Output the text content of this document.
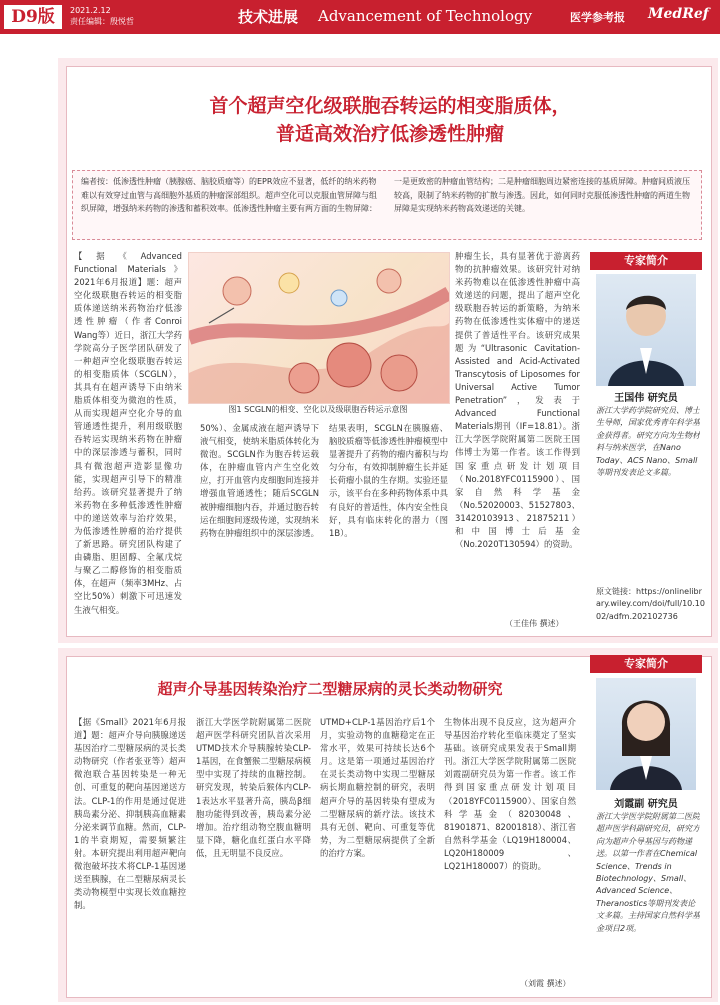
D9版	2021.2.12
责任编辑：殷悦哲	技术进展 Advancement of Technology	医学参考报 MedRef
首个超声空化级联胞吞转运的相变脂质体，
普适高效治疗低渗透性肿瘤
编者按：低渗透性肿瘤（胰腺癌、脑胶质瘤等）的EPR效应不显著，低纤的纳米药物难以有效穿过血管与高细胞外基质的肿瘤深部组织。超声空化可以克服血管屏障与组织屏障，增强纳米药物的渗透和蓄积效率。低渗透性肿瘤主要有两方面的生物屏障：一是更致密的肿瘤血管结构；二是肿瘤细胞周边紧密连接的基质屏障。肿瘤间质液压较高，限制了纳米药物的扩散与渗透。因此，如何同时克服低渗透性肿瘤的两道生物屏障是实现纳米药物高效递送的关键。
【据《Advanced Functional Materials》2021年6月报道】题：超声空化级联胞吞转运的相变脂质体递送纳米药物治疗低渗透性肿瘤（作者Conroi Wang等）近日，浙江大学药学院高分子医学团队研发了一种超声空化级联胞吞转运的相变脂质体（SCGLN），其具有在超声诱导下由纳米脂质体相变为微泡的性质，从而实现超声空化介导的血管通透性提升，利用级联胞吞转运实现纳米药物在肿瘤中的深层渗透与蓄积，同时具有微泡超声造影显像功能，实现超声引导下的精准给药。该研究显著提升了纳米药物在多种低渗透性肿瘤中的递送效率与治疗效果，为低渗透性肿瘤的治疗提供了新思路。研究团队构建了由磷脂、胆固醇、全氟戊烷与聚乙二醇修饰的相变脂质体，在超声（频率3MHz、占空比50%）刺激下可迅速发生液气相变。
图1 SCGLN的相变、空化以及级联胞吞转运示意图
50%）、金属成液在超声诱导下液气相变，使纳米脂质体转化为微泡。SCGLN作为胞吞转运载体，在肿瘤血管内产生空化效应，打开血管内皮细胞间连接并增强血管通透性；随后SCGLN被肿瘤细胞内吞，并通过胞吞转运在细胞间逐级传递，实现纳米药物在肿瘤组织中的深层渗透。结果表明，SCGLN在胰腺癌、脑胶质瘤等低渗透性肿瘤模型中显著提升了药物的瘤内蓄积与均匀分布，有效抑制肿瘤生长并延长荷瘤小鼠的生存期。实验还显示，该平台在多种药物体系中具有良好的普适性，体内安全性良好，具有临床转化的潜力（图1B）。
肿瘤生长，具有显著优于游离药物的抗肿瘤效果。该研究针对纳米药物难以在低渗透性肿瘤中高效递送的问题，提出了超声空化级联胞吞转运的新策略，为纳米药物在低渗透性实体瘤中的递送提供了普适性平台。该研究成果题为“Ultrasonic Cavitation-Assisted and Acid-Activated Transcytosis of Liposomes for Universal Active Tumor Penetration”，发表于Advanced Functional Materials期刊（IF=18.81）。浙江大学医学院附属第二医院王国伟博士为第一作者。该工作得到国家重点研发计划项目（No.2018YFC0115900）、国家自然科学基金（No.52020003、51527803、31420103913、21875211）和中国博士后基金（No.2020T130594）的资助。
（王佳伟 撰述）
专家简介
王国伟 研究员
浙江大学药学院研究员、博士生导师，国家优秀青年科学基金获得者。研究方向为生物材料与纳米医学，在Nano Today、ACS Nano、Small等期刊发表论文多篇。
原文链接：https://onlinelibrary.wiley.com/doi/full/10.1002/adfm.202102736
超声介导基因转染治疗二型糖尿病的灵长类动物研究
【据《Small》2021年6月报道】题：超声介导向胰腺递送基因治疗二型糖尿病的灵长类动物研究（作者张亚等）超声微泡联合基因转染是一种无创、可重复的靶向基因递送方法。CLP-1的作用是通过促进胰岛素分泌、抑制胰高血糖素分泌来调节血糖。然而，CLP-1的半衰期短，需要频繁注射。本研究提出利用超声靶向微泡破坏技术将CLP-1基因递送至胰腺，在二型糖尿病灵长类动物模型中实现长效血糖控制。
浙江大学医学院附属第二医院超声医学科研究团队首次采用UTMD技术介导胰腺转染CLP-1基因，在食蟹猴二型糖尿病模型中实现了持续的血糖控制。研究发现，转染后猴体内CLP-1表达水平显著升高，胰岛β细胞功能得到改善，胰岛素分泌增加。治疗组动物空腹血糖明显下降，糖化血红蛋白水平降低，且无明显不良反应。
UTMD+CLP-1基因治疗后1个月，实验动物的血糖稳定在正常水平，效果可持续长达6个月。这是第一项通过基因治疗在灵长类动物中实现二型糖尿病长期血糖控制的研究，表明超声介导的基因转染有望成为二型糖尿病的新疗法。该技术具有无创、靶向、可重复等优势，为二型糖尿病提供了全新的治疗方案。
生物体出现不良反应，这为超声介导基因治疗转化至临床奠定了坚实基础。该研究成果发表于Small期刊。浙江大学医学院附属第二医院刘霞副研究员为第一作者。该工作得到国家重点研发计划项目（2018YFC0115900）、国家自然科学基金（82030048、81901871、82001818）、浙江省自然科学基金（LQ19H180004、LQ20H180009、LQ21H180007）的资助。
（刘霞 撰述）
专家简介
刘霞副 研究员
浙江大学医学院附属第二医院超声医学科副研究员，研究方向为超声介导基因与药物递送。以第一作者在Chemical Science、Trends in Biotechnology、Small、Advanced Science、Theranostics等期刊发表论文多篇。主持国家自然科学基金项目2项。
